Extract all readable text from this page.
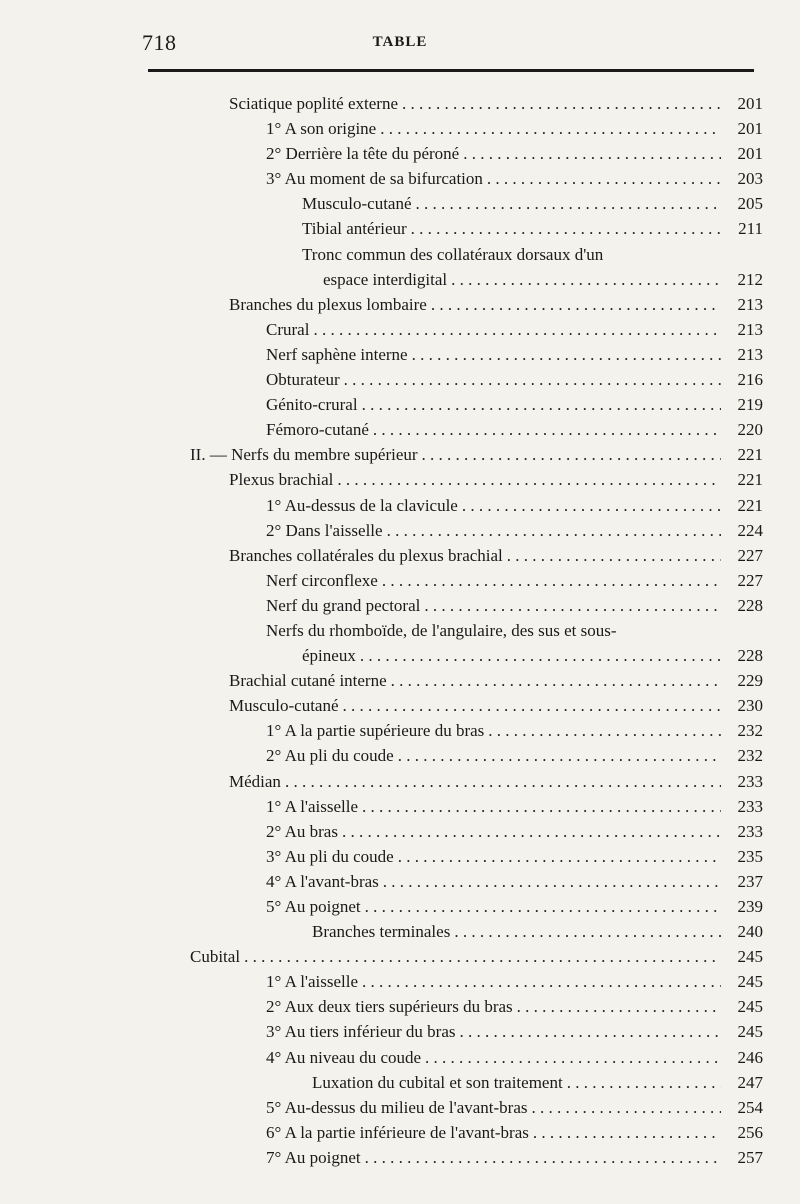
718	TABLE
Sciatique poplité externe . . .	201
1° A son origine . . .	201
2° Derrière la tête du péroné . . .	201
3° Au moment de sa bifurcation . . .	203
Musculo-cutané . . .	205
Tibial antérieur . . .	211
Tronc commun des collatéraux dorsaux d'un
espace interdigital . . .	212
Branches du plexus lombaire . . .	213
Crural . . .	213
Nerf saphène interne . . .	213
Obturateur . . .	216
Génito-crural . . .	219
Fémoro-cutané . . .	220
II. — Nerfs du membre supérieur . . .	221
Plexus brachial . . .	221
1° Au-dessus de la clavicule . . .	221
2° Dans l'aisselle . . .	224
Branches collatérales du plexus brachial . . .	227
Nerf circonflexe . . .	227
Nerf du grand pectoral . . .	228
Nerfs du rhomboïde, de l'angulaire, des sus et sous-
épineux . . .	228
Brachial cutané interne . . .	229
Musculo-cutané . . .	230
1° A la partie supérieure du bras . . .	232
2° Au pli du coude . . .	232
Médian . . .	233
1° A l'aisselle . . .	233
2° Au bras . . .	233
3° Au pli du coude . . .	235
4° A l'avant-bras . . .	237
5° Au poignet . . .	239
Branches terminales . . .	240
Cubital . . .	245
1° A l'aisselle . . .	245
2° Aux deux tiers supérieurs du bras . . .	245
3° Au tiers inférieur du bras . . .	245
4° Au niveau du coude . . .	246
Luxation du cubital et son traitement . . .	247
5° Au-dessus du milieu de l'avant-bras . . .	254
6° A la partie inférieure de l'avant-bras . . .	256
7° Au poignet . . .	257
